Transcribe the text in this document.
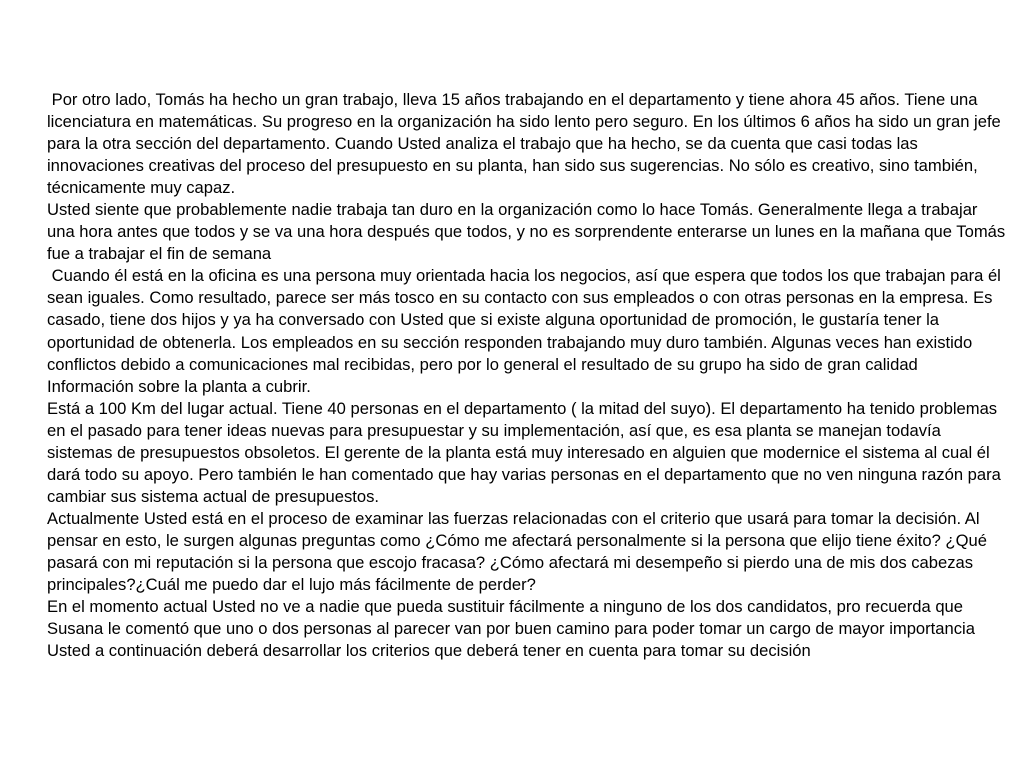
Por otro lado, Tomás ha hecho un gran trabajo, lleva 15 años trabajando en el departamento y tiene ahora 45 años. Tiene una licenciatura en matemáticas. Su progreso en la organización ha sido lento pero seguro. En los últimos 6 años ha sido un gran jefe para la otra sección del departamento. Cuando Usted analiza el trabajo que ha hecho, se da cuenta que casi todas las innovaciones creativas del proceso del presupuesto en su planta, han sido sus sugerencias. No sólo es creativo, sino también, técnicamente muy capaz.

Usted siente que probablemente nadie trabaja tan duro en la organización como lo hace Tomás. Generalmente llega a trabajar una hora antes que todos y se va una hora después que todos, y no es sorprendente enterarse un lunes en la mañana que Tomás fue a trabajar el fin de semana

Cuando él está en la oficina es una persona muy orientada hacia los negocios, así que espera que todos los que trabajan para él sean iguales. Como resultado, parece ser más tosco en su contacto con sus empleados o con otras personas en la empresa. Es casado, tiene dos hijos y ya ha conversado con Usted que si existe alguna oportunidad de promoción, le gustaría tener la oportunidad de obtenerla. Los empleados en su sección responden trabajando muy duro también. Algunas veces han existido conflictos debido a comunicaciones mal recibidas, pero por lo general el resultado de su grupo ha sido de gran calidad

Información sobre la planta a cubrir.

Está a 100 Km del lugar actual. Tiene 40 personas en el departamento ( la mitad del suyo). El departamento ha tenido problemas en el pasado para tener ideas nuevas para presupuestar y su implementación, así que, es esa planta se manejan todavía sistemas de presupuestos obsoletos. El gerente de la planta está muy interesado en alguien que modernice el sistema al cual él dará todo su apoyo. Pero también le han comentado que hay varias personas en el departamento que no ven ninguna razón para cambiar sus sistema actual de presupuestos.

Actualmente Usted está en el proceso de examinar las fuerzas relacionadas con el criterio que usará para tomar la decisión. Al pensar en esto, le surgen algunas preguntas como ¿Cómo me afectará personalmente si la persona que elijo tiene éxito? ¿Qué pasará con mi reputación si la persona que escojo fracasa? ¿Cómo afectará mi desempeño si pierdo una de mis dos cabezas principales?¿Cuál me puedo dar el lujo más fácilmente de perder?

En el momento actual Usted no ve a nadie que pueda sustituir fácilmente a ninguno de los dos candidatos, pro recuerda que Susana le comentó que uno o dos personas al parecer van por buen camino para poder tomar un cargo de mayor importancia

Usted a continuación deberá desarrollar los criterios que deberá tener en cuenta para tomar su decisión
